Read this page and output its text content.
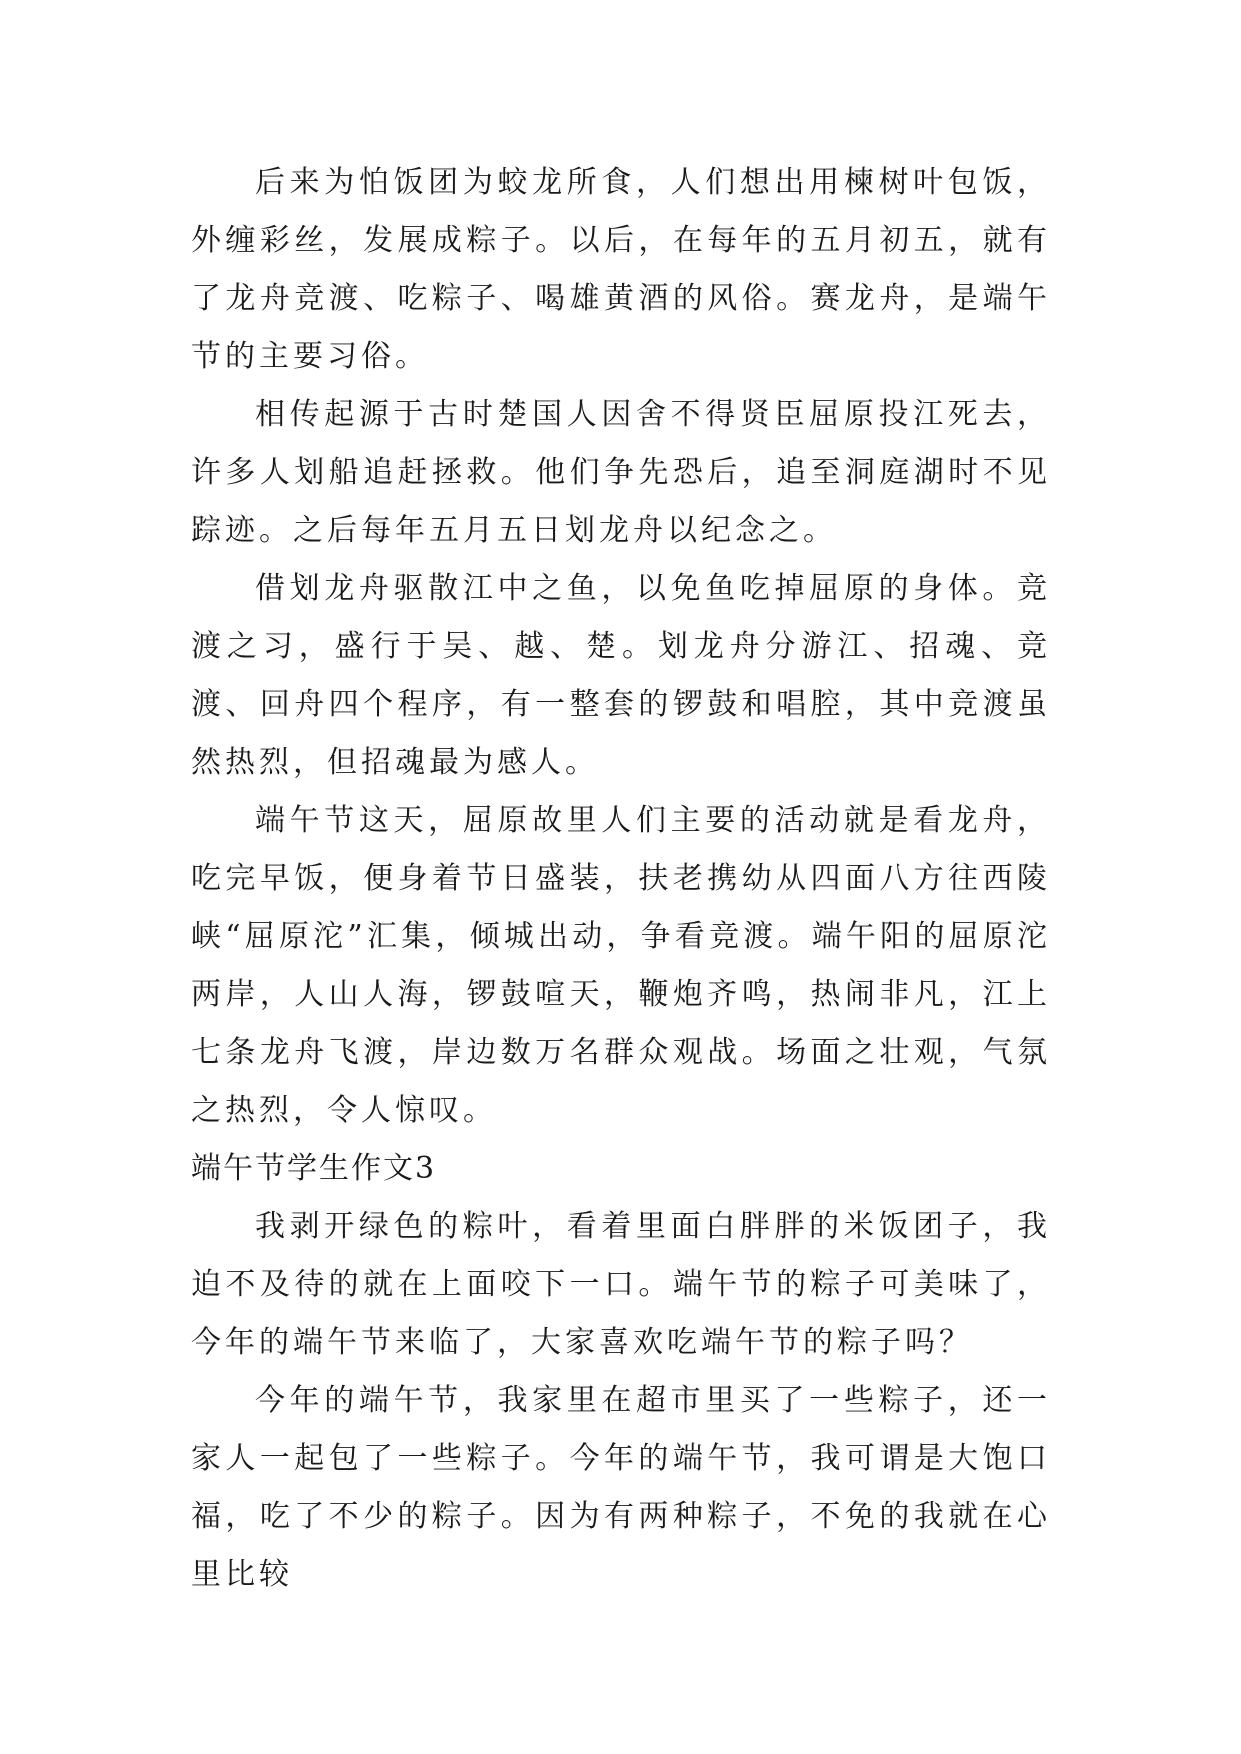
后来为怕饭团为蛟龙所食，人们想出用楝树叶包饭，外缠彩丝，发展成粽子。以后，在每年的五月初五，就有了龙舟竞渡、吃粽子、喝雄黄酒的风俗。赛龙舟，是端午节的主要习俗。

相传起源于古时楚国人因舍不得贤臣屈原投江死去，许多人划船追赶拯救。他们争先恐后，追至洞庭湖时不见踪迹。之后每年五月五日划龙舟以纪念之。

借划龙舟驱散江中之鱼，以免鱼吃掉屈原的身体。竞渡之习，盛行于吴、越、楚。划龙舟分游江、招魂、竞渡、回舟四个程序，有一整套的锣鼓和唱腔，其中竞渡虽然热烈，但招魂最为感人。

端午节这天，屈原故里人们主要的活动就是看龙舟，吃完早饭，便身着节日盛装，扶老携幼从四面八方往西陵峡“屈原沱”汇集，倾城出动，争看竞渡。端午阳的屈原沱两岸，人山人海，锣鼓喧天，鞭炮齐鸣，热闹非凡，江上七条龙舟飞渡，岸边数万名群众观战。场面之壮观，气氛之热烈，令人惊叹。

端午节学生作文3

我剥开绿色的粽叶，看着里面白胖胖的米饭团子，我迫不及待的就在上面咬下一口。端午节的粽子可美味了，今年的端午节来临了，大家喜欢吃端午节的粽子吗？

今年的端午节，我家里在超市里买了一些粽子，还一家人一起包了一些粽子。今年的端午节，我可谓是大饱口福，吃了不少的粽子。因为有两种粽子，不免的我就在心里比较
